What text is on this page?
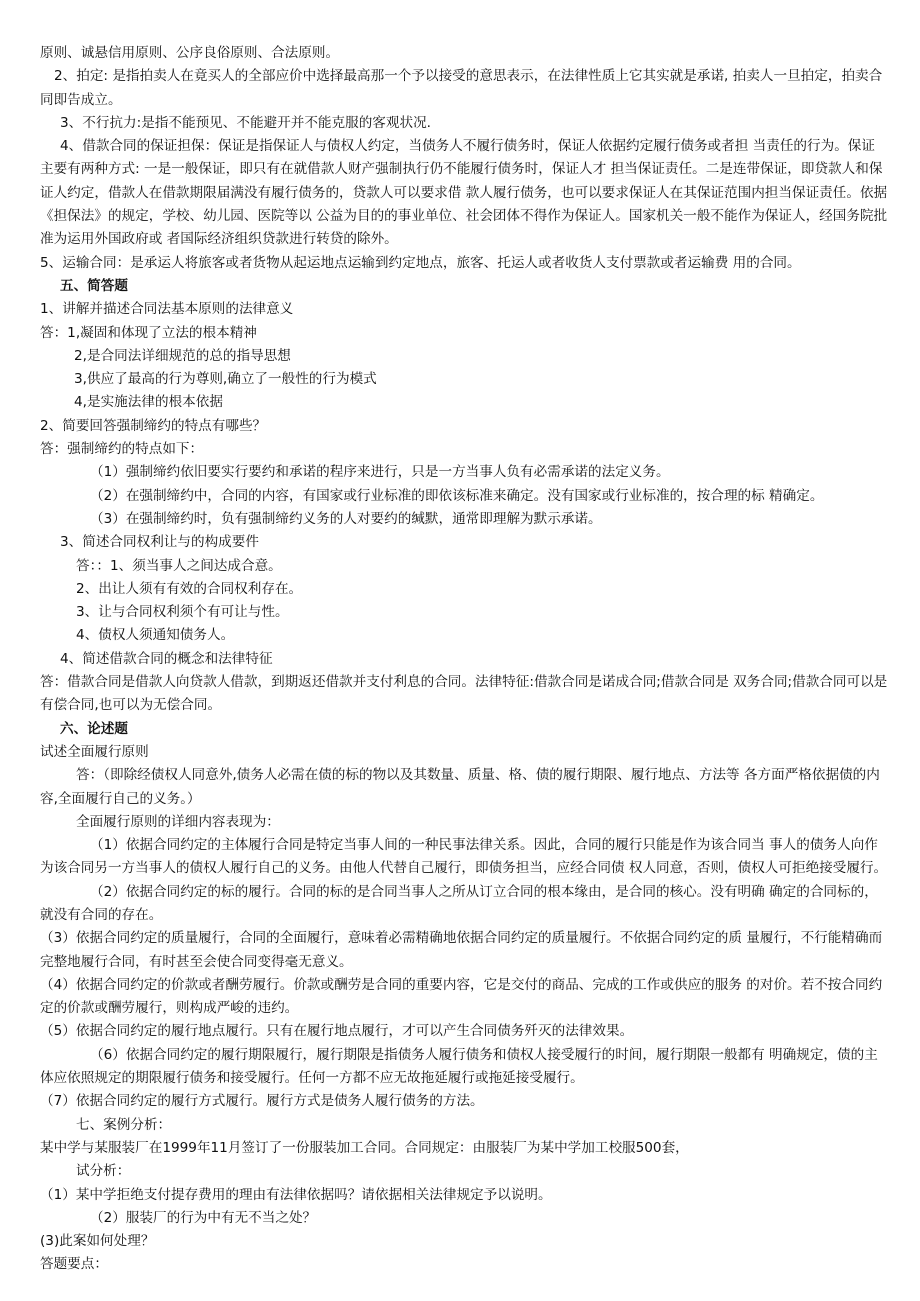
原则、诚悬信用原则、公序良俗原则、合法原则。

2、拍定: 是指拍卖人在竟买人的全部应价中选择最高那一个予以接受的意思表示，在法律性质上它其实就是承诺, 拍卖人一旦拍定，拍卖合同即告成立。

3、不行抗力:是指不能预见、不能避开并不能克服的客观状况.

4、借款合同的保证担保：保证是指保证人与债权人约定，当债务人不履行债务时，保证人依据约定履行债务或者担 当责任的行为。保证主要有两种方式: 一是一般保证，即只有在就借款人财产强制执行仍不能履行债务时，保证人才 担当保证责任。二是连带保证，即贷款人和保证人约定，借款人在借款期限届满没有履行债务的，贷款人可以要求借 款人履行债务，也可以要求保证人在其保证范围内担当保证责任。依据《担保法》的规定，学校、幼儿园、医院等以 公益为目的的事业单位、社会团体不得作为保证人。国家机关一般不能作为保证人，经国务院批准为运用外国政府或 者国际经济组织贷款进行转贷的除外。

5、运输合同：是承运人将旅客或者货物从起运地点运输到约定地点，旅客、托运人或者收货人支付票款或者运输费 用的合同。

五、简答题

1、讲解并描述合同法基本原则的法律意义

答：1,凝固和体现了立法的根本精神

2,是合同法详细规范的总的指导思想

3,供应了最高的行为尊则,确立了一般性的行为模式

4,是实施法律的根本依据

2、简要回答强制缔约的特点有哪些？

答：强制缔约的特点如下：

（1）强制缔约依旧要实行要约和承诺的程序来进行，只是一方当事人负有必需承诺的法定义务。

（2）在强制缔约中，合同的内容，有国家或行业标准的即依该标准来确定。没有国家或行业标准的，按合理的标 精确定。

（3）在强制缔约时，负有强制缔约义务的人对要约的缄默，通常即理解为默示承诺。

3、简述合同权利让与的构成要件

答：：1、须当事人之间达成合意。

2、出让人须有有效的合同权利存在。

3、让与合同权利须个有可让与性。

4、债权人须通知债务人。

4、简述借款合同的概念和法律特征

答：借款合同是借款人向贷款人借款，到期返还借款并支付利息的合同。法律特征:借款合同是诺成合同;借款合同是 双务合同;借款合同可以是有偿合同,也可以为无偿合同。

六、论述题

试述全面履行原则

答：（即除经债权人同意外,债务人必需在债的标的物以及其数量、质量、格、债的履行期限、履行地点、方法等 各方面严格依据债的内容,全面履行自己的义务。）

全面履行原则的详细内容表现为：

（1）依据合同约定的主体履行合同是特定当事人间的一种民事法律关系。因此，合同的履行只能是作为该合同当 事人的债务人向作为该合同另一方当事人的债权人履行自己的义务。由他人代替自己履行，即债务担当，应经合同债 权人同意，否则，债权人可拒绝接受履行。

（2）依据合同约定的标的履行。合同的标的是合同当事人之所从订立合同的根本缘由，是合同的核心。没有明确 确定的合同标的，就没有合同的存在。

（3）依据合同约定的质量履行，合同的全面履行，意味着必需精确地依据合同约定的质量履行。不依据合同约定的质 量履行，不行能精确而完整地履行合同，有时甚至会使合同变得毫无意义。

（4）依据合同约定的价款或者酬劳履行。价款或酬劳是合同的重要内容，它是交付的商品、完成的工作或供应的服务 的对价。若不按合同约定的价款或酬劳履行，则构成严峻的违约。

（5）依据合同约定的履行地点履行。只有在履行地点履行，才可以产生合同债务歼灭的法律效果。

（6）依据合同约定的履行期限履行，履行期限是指债务人履行债务和债权人接受履行的时间，履行期限一般都有 明确规定，债的主体应依照规定的期限履行债务和接受履行。任何一方都不应无故拖延履行或拖延接受履行。

（7）依据合同约定的履行方式履行。履行方式是债务人履行债务的方法。

七、案例分析：

某中学与某服装厂在1999年11月签订了一份服装加工合同。合同规定：由服装厂为某中学加工校服500套，

试分析：

（1）某中学拒绝支付提存费用的理由有法律依据吗？请依据相关法律规定予以说明。

（2）服装厂的行为中有无不当之处？

(3)此案如何处理？

答题要点：
